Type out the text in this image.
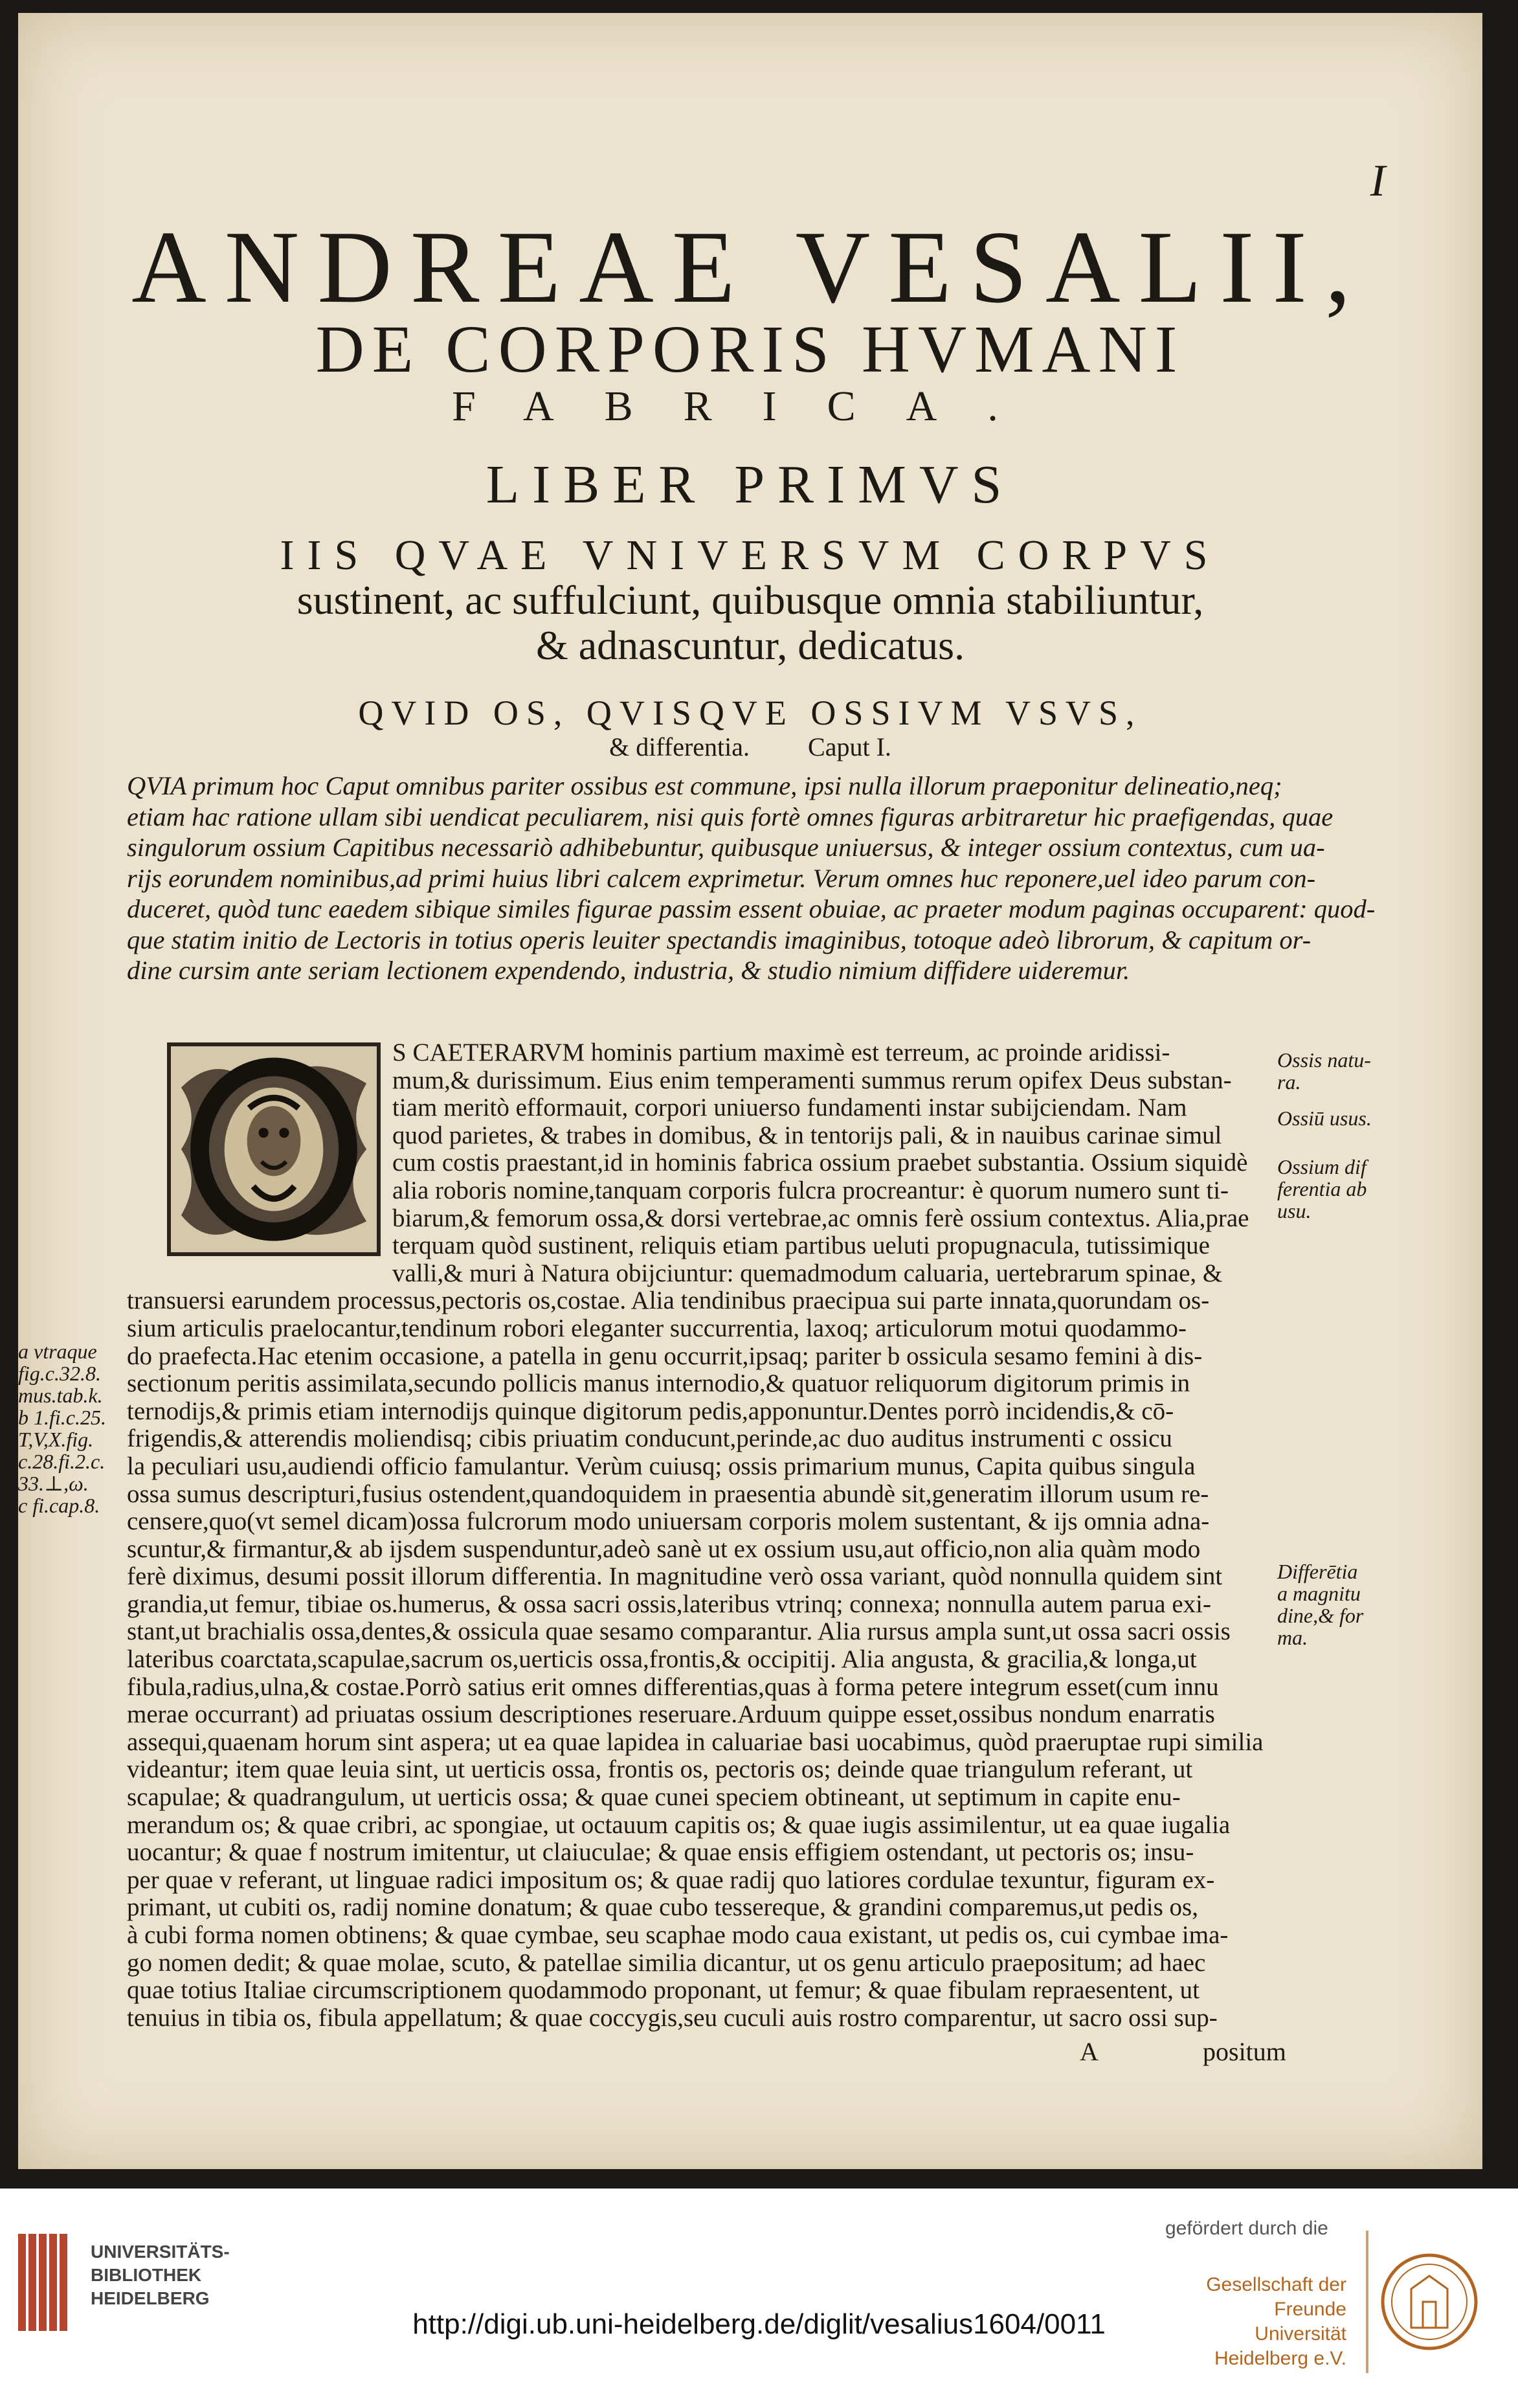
I
ANDREAE VESALII,
DE CORPORIS HVMANI
FABRICA.
LIBER PRIMVS
IIS QVAE VNIVERSVM CORPVS
sustinent, ac suffulciunt, quibusque omnia stabiliuntur,
& adnascuntur, dedicatus.
QVID OS, QVISQVE OSSIVM VSVS,
& differentia. Caput I.
QVIA primum hoc Caput omnibus pariter ossibus est commune, ipsi nulla illorum praeponitur delineatio,neq;
etiam hac ratione ullam sibi uendicat peculiarem, nisi quis fortè omnes figuras arbitraretur hic praefigendas, quae
singulorum ossium Capitibus necessariò adhibebuntur, quibusque uniuersus, & integer ossium contextus, cum ua-
rijs eorundem nominibus,ad primi huius libri calcem exprimetur. Verum omnes huc reponere,uel ideo parum con-
duceret, quòd tunc eaedem sibique similes figurae passim essent obuiae, ac praeter modum paginas occuparent: quod-
que statim initio de Lectoris in totius operis leuiter spectandis imaginibus, totoque adeò librorum, & capitum or-
dine cursim ante seriam lectionem expendendo, industria, & studio nimium diffidere uideremur.
S CAETERARVM hominis partium maximè est terreum, ac proinde aridissi-
mum,& durissimum. Eius enim temperamenti summus rerum opifex Deus substan-
tiam meritò efformauit, corpori uniuerso fundamenti instar subijciendam. Nam
quod parietes, & trabes in domibus, & in tentorijs pali, & in nauibus carinae simul
cum costis praestant,id in hominis fabrica ossium praebet substantia. Ossium siquidè
alia roboris nomine,tanquam corporis fulcra procreantur: è quorum numero sunt ti-
biarum,& femorum ossa,& dorsi vertebrae,ac omnis ferè ossium contextus. Alia,prae
terquam quòd sustinent, reliquis etiam partibus ueluti propugnacula, tutissimique
valli,& muri à Natura obijciuntur: quemadmodum caluaria, uertebrarum spinae, &
transuersi earundem processus,pectoris os,costae. Alia tendinibus praecipua sui parte innata,quorundam os-
sium articulis praelocantur,tendinum robori eleganter succurrentia, laxoq; articulorum motui quodammo-
do praefecta.Hac etenim occasione, a patella in genu occurrit,ipsaq; pariter b ossicula sesamo femini à dis-
sectionum peritis assimilata,secundo pollicis manus internodio,& quatuor reliquorum digitorum primis in
ternodijs,& primis etiam internodijs quinque digitorum pedis,apponuntur.Dentes porrò incidendis,& cō-
frigendis,& atterendis moliendisq; cibis priuatim conducunt,perinde,ac duo auditus instrumenti c ossicu
la peculiari usu,audiendi officio famulantur. Verùm cuiusq; ossis primarium munus, Capita quibus singula
ossa sumus descripturi,fusius ostendent,quandoquidem in praesentia abundè sit,generatim illorum usum re-
censere,quo(vt semel dicam)ossa fulcrorum modo uniuersam corporis molem sustentant, & ijs omnia adna-
scuntur,& firmantur,& ab ijsdem suspenduntur,adeò sanè ut ex ossium usu,aut officio,non alia quàm modo
ferè diximus, desumi possit illorum differentia. In magnitudine verò ossa variant, quòd nonnulla quidem sint
grandia,ut femur, tibiae os.humerus, & ossa sacri ossis,lateribus vtrinq; connexa; nonnulla autem parua exi-
stant,ut brachialis ossa,dentes,& ossicula quae sesamo comparantur. Alia rursus ampla sunt,ut ossa sacri ossis
lateribus coarctata,scapulae,sacrum os,uerticis ossa,frontis,& occipitij. Alia angusta, & gracilia,& longa,ut
fibula,radius,ulna,& costae.Porrò satius erit omnes differentias,quas à forma petere integrum esset(cum innu
merae occurrant) ad priuatas ossium descriptiones reseruare.Arduum quippe esset,ossibus nondum enarratis
assequi,quaenam horum sint aspera; ut ea quae lapidea in caluariae basi uocabimus, quòd praeruptae rupi similia
videantur; item quae leuia sint, ut uerticis ossa, frontis os, pectoris os; deinde quae triangulum referant, ut
scapulae; & quadrangulum, ut uerticis ossa; & quae cunei speciem obtineant, ut septimum in capite enu-
merandum os; & quae cribri, ac spongiae, ut octauum capitis os; & quae iugis assimilentur, ut ea quae iugalia
uocantur; & quae f nostrum imitentur, ut claiuculae; & quae ensis effigiem ostendant, ut pectoris os; insu-
per quae v referant, ut linguae radici impositum os; & quae radij quo latiores cordulae texuntur, figuram ex-
primant, ut cubiti os, radij nomine donatum; & quae cubo tessereque, & grandini comparemus,ut pedis os,
à cubi forma nomen obtinens; & quae cymbae, seu scaphae modo caua existant, ut pedis os, cui cymbae ima-
go nomen dedit; & quae molae, scuto, & patellae similia dicantur, ut os genu articulo praepositum; ad haec
quae totius Italiae circumscriptionem quodammodo proponant, ut femur; & quae fibulam repraesentent, ut
tenuius in tibia os, fibula appellatum; & quae coccygis,seu cuculi auis rostro comparentur, ut sacro ossi sup-
Ossis natu-
ra.
Ossiū usus.
Ossium dif
ferentia ab
usu.
Differētia
a magnitu
dine,& for
ma.
a vtraque
fig.c.32.8.
mus.tab.k.
b 1.fi.c.25.
T,V,X.fig.
c.28.fi.2.c.
33.⊥,ω.
c fi.cap.8.
A	positum
UNIVERSITÄTS-
BIBLIOTHEK
HEIDELBERG
http://digi.ub.uni-heidelberg.de/diglit/vesalius1604/0011
gefördert durch die
Gesellschaft der Freunde
Universität Heidelberg e.V.
